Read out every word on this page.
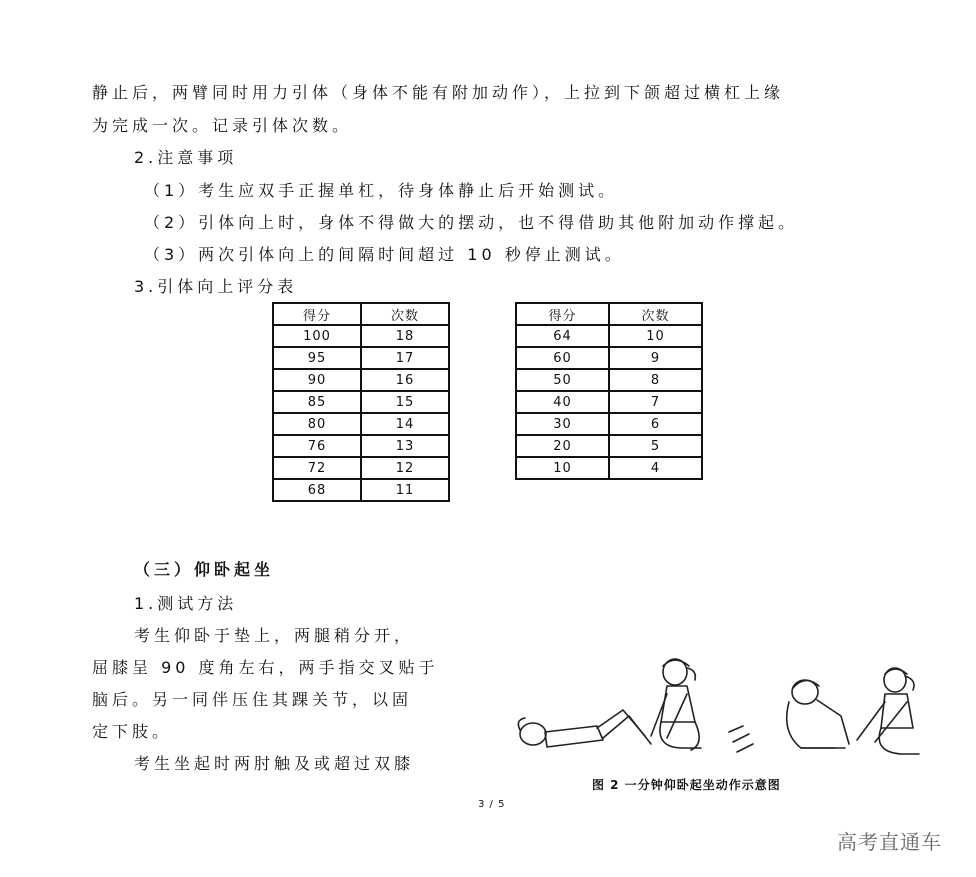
静止后，两臂同时用力引体（身体不能有附加动作），上拉到下颌超过横杠上缘
为完成一次。记录引体次数。
2.注意事项
（1）考生应双手正握单杠，待身体静止后开始测试。
（2）引体向上时，身体不得做大的摆动，也不得借助其他附加动作撑起。
（3）两次引体向上的间隔时间超过 10 秒停止测试。
3.引体向上评分表
得分	次数
100	18
95	17
90	16
85	15
80	14
76	13
72	12
68	11
得分	次数
64	10
60	9
50	8
40	7
30	6
20	5
10	4
（三）仰卧起坐
1.测试方法
考生仰卧于垫上，两腿稍分开，
屈膝呈 90 度角左右，两手指交叉贴于
脑后。另一同伴压住其踝关节，以固
定下肢。
考生坐起时两肘触及或超过双膝
图 2 一分钟仰卧起坐动作示意图
3 / 5
高考直通车
